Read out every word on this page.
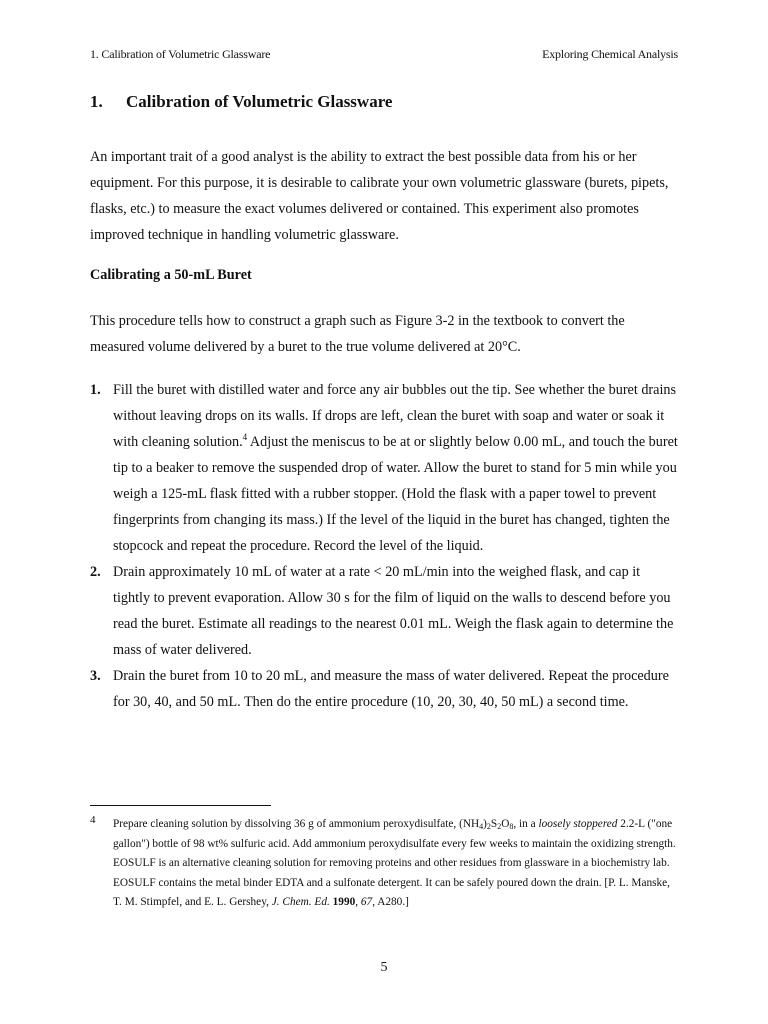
1. Calibration of Volumetric Glassware	Exploring Chemical Analysis
1. Calibration of Volumetric Glassware

An important trait of a good analyst is the ability to extract the best possible data from his or her equipment. For this purpose, it is desirable to calibrate your own volumetric glassware (burets, pipets, flasks, etc.) to measure the exact volumes delivered or contained. This experiment also promotes improved technique in handling volumetric glassware.

Calibrating a 50-mL Buret

This procedure tells how to construct a graph such as Figure 3-2 in the textbook to convert the measured volume delivered by a buret to the true volume delivered at 20°C.

1. Fill the buret with distilled water and force any air bubbles out the tip. See whether the buret drains without leaving drops on its walls. If drops are left, clean the buret with soap and water or soak it with cleaning solution.$^4$ Adjust the meniscus to be at or slightly below 0.00 mL, and touch the buret tip to a beaker to remove the suspended drop of water. Allow the buret to stand for 5 min while you weigh a 125-mL flask fitted with a rubber stopper. (Hold the flask with a paper towel to prevent fingerprints from changing its mass.) If the level of the liquid in the buret has changed, tighten the stopcock and repeat the procedure. Record the level of the liquid.
2. Drain approximately 10 mL of water at a rate < 20 mL/min into the weighed flask, and cap it tightly to prevent evaporation. Allow 30 s for the film of liquid on the walls to descend before you read the buret. Estimate all readings to the nearest 0.01 mL. Weigh the flask again to determine the mass of water delivered.
3. Drain the buret from 10 to 20 mL, and measure the mass of water delivered. Repeat the procedure for 30, 40, and 50 mL. Then do the entire procedure (10, 20, 30, 40, 50 mL) a second time.
4	Prepare cleaning solution by dissolving 36 g of ammonium peroxydisulfate, $(NH_4)_2S_2O_8$, in a loosely stoppered 2.2-L ("one gallon") bottle of 98 wt% sulfuric acid. Add ammonium peroxydisulfate every few weeks to maintain the oxidizing strength. EOSULF is an alternative cleaning solution for removing proteins and other residues from glassware in a biochemistry lab. EOSULF contains the metal binder EDTA and a sulfonate detergent. It can be safely poured down the drain. [P. L. Manske, T. M. Stimpfel, and E. L. Gershey, J. Chem. Ed. 1990, 67, A280.]
5
